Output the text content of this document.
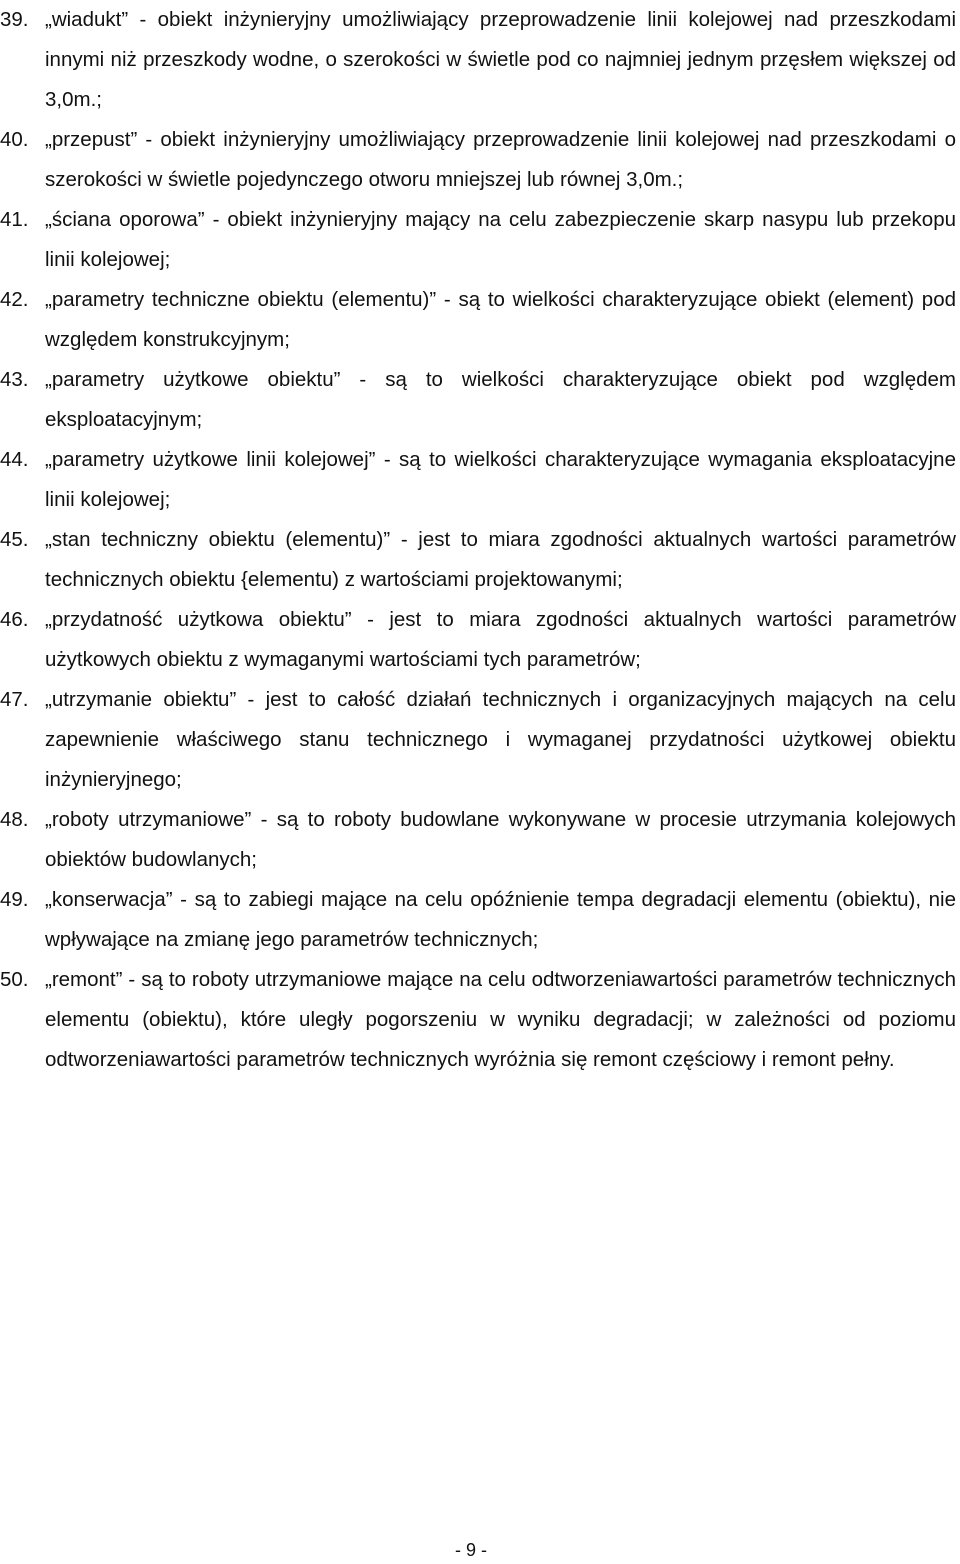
39. „wiadukt” - obiekt inżynieryjny umożliwiający przeprowadzenie linii kolejowej nad przeszkodami innymi niż przeszkody wodne, o szerokości w świetle pod co najmniej jednym przęsłem większej od 3,0m.;
40. „przepust” - obiekt inżynieryjny umożliwiający przeprowadzenie linii kolejowej nad przeszkodami o szerokości w świetle pojedynczego otworu mniejszej lub równej 3,0m.;
41. „ściana oporowa” - obiekt inżynieryjny mający na celu zabezpieczenie skarp nasypu lub przekopu linii kolejowej;
42. „parametry techniczne obiektu (elementu)” - są to wielkości charakteryzujące obiekt (element) pod względem konstrukcyjnym;
43. „parametry użytkowe obiektu” - są to wielkości charakteryzujące obiekt pod względem eksploatacyjnym;
44. „parametry użytkowe linii kolejowej” - są to wielkości charakteryzujące wymagania eksploatacyjne linii kolejowej;
45. „stan techniczny obiektu (elementu)” - jest to miara zgodności aktualnych wartości parametrów technicznych obiektu {elementu) z wartościami projektowanymi;
46. „przydatność użytkowa obiektu” - jest to miara zgodności aktualnych wartości parametrów użytkowych obiektu z wymaganymi wartościami tych parametrów;
47. „utrzymanie obiektu” - jest to całość działań technicznych i organizacyjnych mających na celu zapewnienie właściwego stanu technicznego i wymaganej przydatności użytkowej obiektu inżynieryjnego;
48. „roboty utrzymaniowe” - są to roboty budowlane wykonywane w procesie utrzymania kolejowych obiektów budowlanych;
49. „konserwacja” - są to zabiegi mające na celu opóźnienie tempa degradacji elementu (obiektu), nie wpływające na zmianę jego parametrów technicznych;
50. „remont” - są to roboty utrzymaniowe mające na celu odtworzeniawartości parametrów technicznych elementu (obiektu), które uległy pogorszeniu w wyniku degradacji; w zależności od poziomu odtworzeniawartości parametrów technicznych wyróżnia się remont częściowy i remont pełny.
- 9 -
